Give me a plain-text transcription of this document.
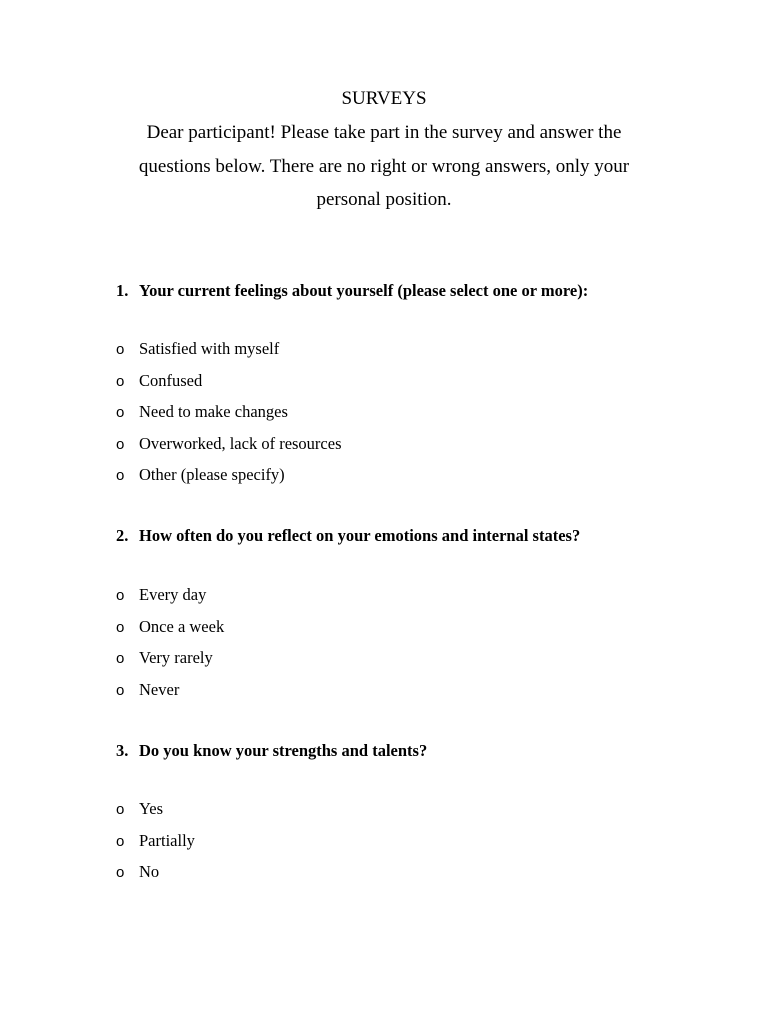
SURVEYS
Dear participant! Please take part in the survey and answer the questions below. There are no right or wrong answers, only your personal position.
1. Your current feelings about yourself (please select one or more):
o Satisfied with myself
o Confused
o Need to make changes
o Overworked, lack of resources
o Other (please specify)
2. How often do you reflect on your emotions and internal states?
o Every day
o Once a week
o Very rarely
o Never
3. Do you know your strengths and talents?
o Yes
o Partially
o No
